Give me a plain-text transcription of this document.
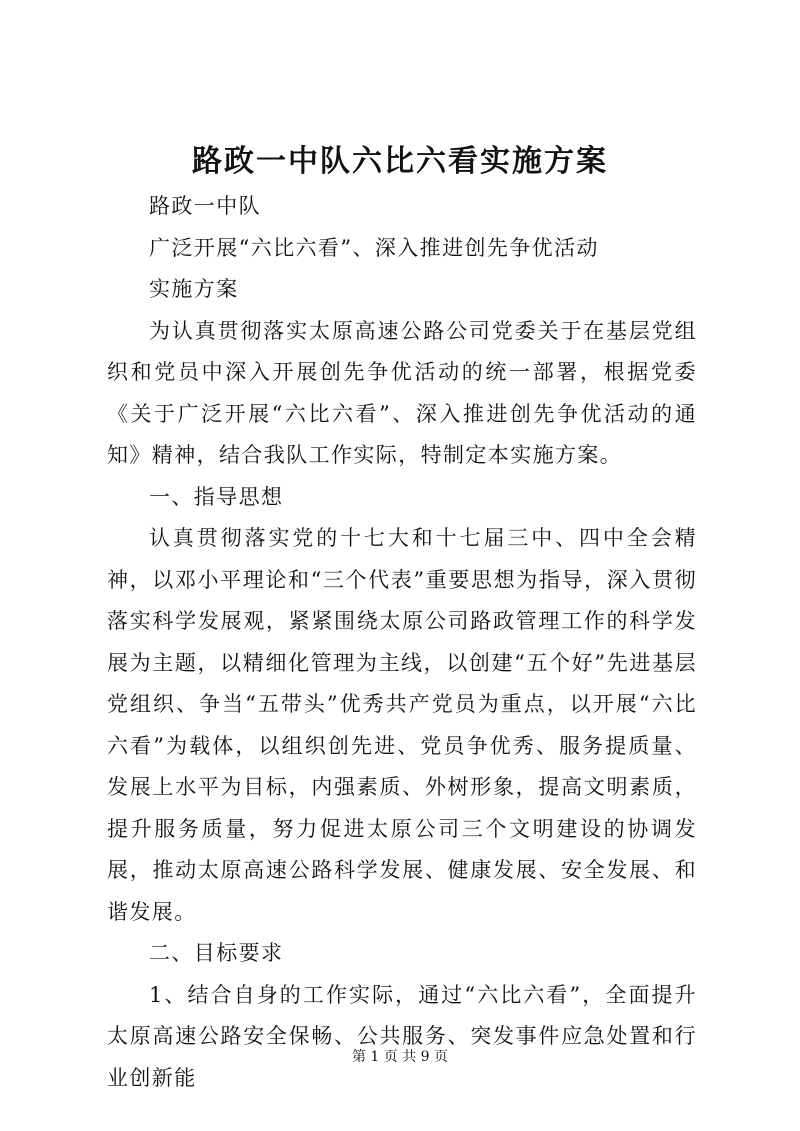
路政一中队六比六看实施方案

路政一中队

广泛开展“六比六看”、深入推进创先争优活动

实施方案

为认真贯彻落实太原高速公路公司党委关于在基层党组织和党员中深入开展创先争优活动的统一部署，根据党委《关于广泛开展“六比六看”、深入推进创先争优活动的通知》精神，结合我队工作实际，特制定本实施方案。

一、指导思想

认真贯彻落实党的十七大和十七届三中、四中全会精神，以邓小平理论和“三个代表”重要思想为指导，深入贯彻落实科学发展观，紧紧围绕太原公司路政管理工作的科学发展为主题，以精细化管理为主线，以创建“五个好”先进基层党组织、争当“五带头”优秀共产党员为重点，以开展“六比六看”为载体，以组织创先进、党员争优秀、服务提质量、发展上水平为目标，内强素质、外树形象，提高文明素质，提升服务质量，努力促进太原公司三个文明建设的协调发展，推动太原高速公路科学发展、健康发展、安全发展、和谐发展。

二、目标要求

1、结合自身的工作实际，通过“六比六看”，全面提升太原高速公路安全保畅、公共服务、突发事件应急处置和行业创新能

第 1 页 共 9 页
